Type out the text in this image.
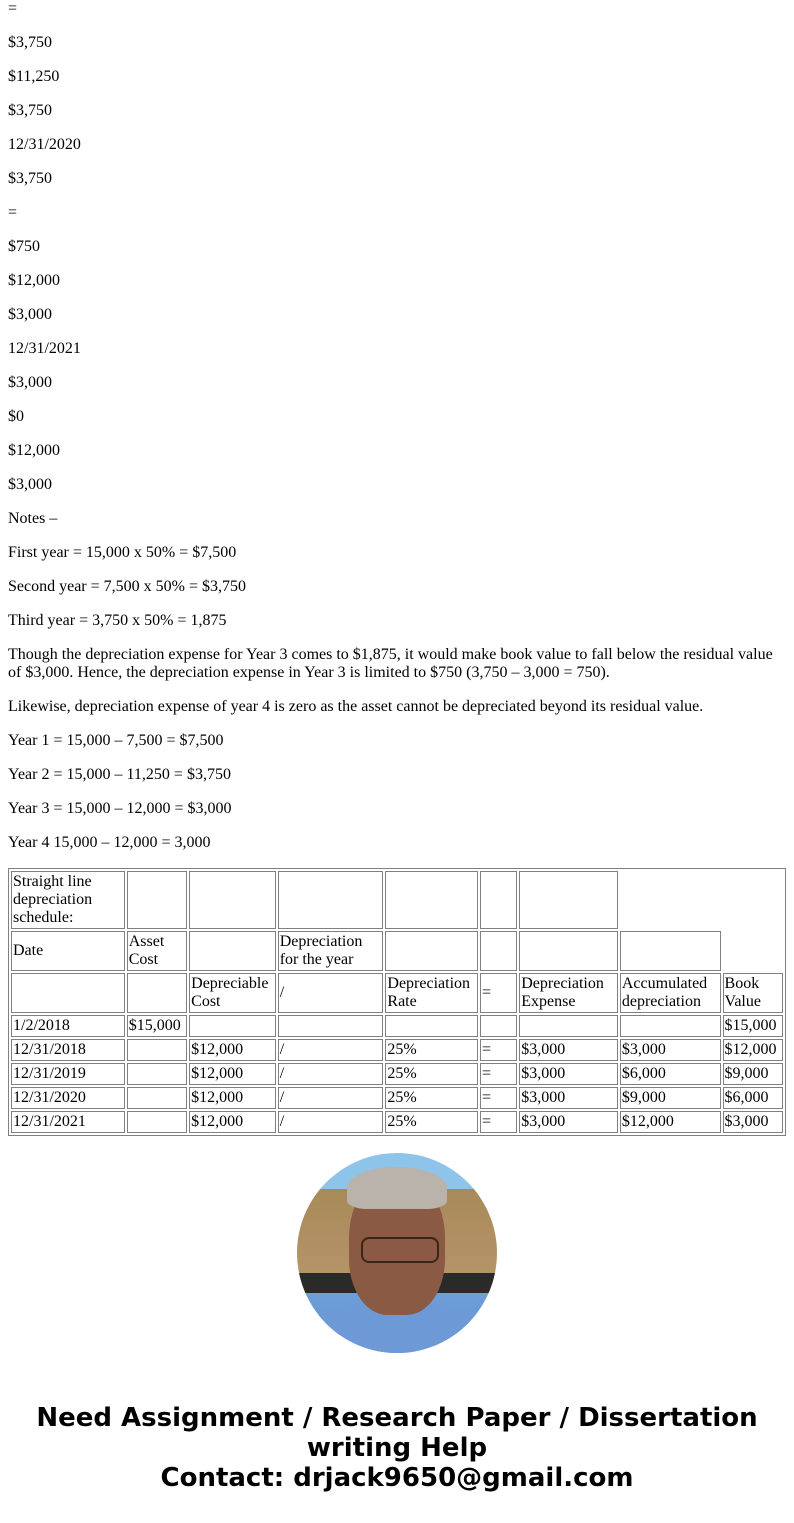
=

$3,750

$11,250

$3,750

12/31/2020

$3,750

=

$750

$12,000

$3,000

12/31/2021

$3,000

$0

$12,000

$3,000

Notes –

First year = 15,000 x 50% = $7,500

Second year = 7,500 x 50% = $3,750

Third year = 3,750 x 50% = 1,875

Though the depreciation expense for Year 3 comes to $1,875, it would make book value to fall below the residual value of $3,000. Hence, the depreciation expense in Year 3 is limited to $750 (3,750 – 3,000 = 750).

Likewise, depreciation expense of year 4 is zero as the asset cannot be depreciated beyond its residual value.

Year 1 = 15,000 – 7,500 = $7,500

Year 2 = 15,000 – 11,250 = $3,750

Year 3 = 15,000 – 12,000 = $3,000

Year 4 15,000 – 12,000 = 3,000

Straight line depreciation schedule:								
Date	Asset Cost		Depreciation for the year					
		Depreciable Cost	/	Depreciation Rate	=	Depreciation Expense	Accumulated depreciation	Book Value
1/2/2018	$15,000							$15,000
12/31/2018		$12,000	/	25%	=	$3,000	$3,000	$12,000
12/31/2019		$12,000	/	25%	=	$3,000	$6,000	$9,000
12/31/2020		$12,000	/	25%	=	$3,000	$9,000	$6,000
12/31/2021		$12,000	/	25%	=	$3,000	$12,000	$3,000
Need Assignment / Research Paper / Dissertation
writing Help
Contact: drjack9650@gmail.com
